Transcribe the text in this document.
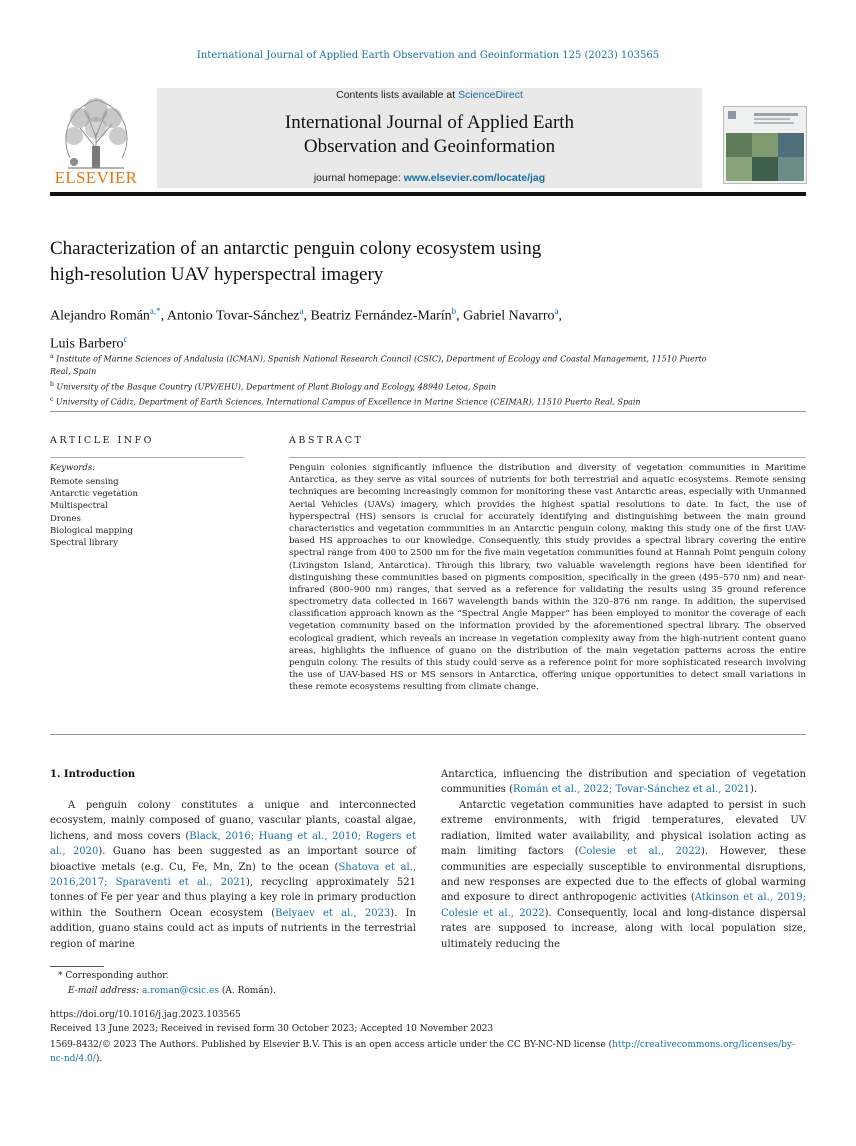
International Journal of Applied Earth Observation and Geoinformation 125 (2023) 103565
ELSEVIER
Contents lists available at ScienceDirect
International Journal of Applied Earth
Observation and Geoinformation
journal homepage: www.elsevier.com/locate/jag
Characterization of an antarctic penguin colony ecosystem using
high-resolution UAV hyperspectral imagery
Alejandro Román$^{a,*}$, Antonio Tovar-Sánchez$^a$, Beatriz Fernández-Marín$^b$, Gabriel Navarro$^a$,
Luis Barbero$^c$
$^a$ Institute of Marine Sciences of Andalusia (ICMAN), Spanish National Research Council (CSIC), Department of Ecology and Coastal Management, 11510 Puerto Real, Spain
$^b$ University of the Basque Country (UPV/EHU), Department of Plant Biology and Ecology, 48940 Leioa, Spain
$^c$ University of Cádiz, Department of Earth Sciences, International Campus of Excellence in Marine Science (CEIMAR), 11510 Puerto Real, Spain
ARTICLE INFO
Keywords:
Remote sensing
Antarctic vegetation
Multispectral
Drones
Biological mapping
Spectral library
ABSTRACT
Penguin colonies significantly influence the distribution and diversity of vegetation communities in Maritime Antarctica, as they serve as vital sources of nutrients for both terrestrial and aquatic ecosystems. Remote sensing techniques are becoming increasingly common for monitoring these vast Antarctic areas, especially with Unmanned Aerial Vehicles (UAVs) imagery, which provides the highest spatial resolutions to date. In fact, the use of hyperspectral (HS) sensors is crucial for accurately identifying and distinguishing between the main ground characteristics and vegetation communities in an Antarctic penguin colony, making this study one of the first UAV-based HS approaches to our knowledge. Consequently, this study provides a spectral library covering the entire spectral range from 400 to 2500 nm for the five main vegetation communities found at Hannah Point penguin colony (Livingston Island, Antarctica). Through this library, two valuable wavelength regions have been identified for distinguishing these communities based on pigments composition, specifically in the green (495–570 nm) and near-infrared (800–900 nm) ranges, that served as a reference for validating the results using 35 ground reference spectrometry data collected in 1667 wavelength bands within the 320–876 nm range. In addition, the supervised classification approach known as the “Spectral Angle Mapper” has been employed to monitor the coverage of each vegetation community based on the information provided by the aforementioned spectral library. The observed ecological gradient, which reveals an increase in vegetation complexity away from the high-nutrient content guano areas, highlights the influence of guano on the distribution of the main vegetation patterns across the entire penguin colony. The results of this study could serve as a reference point for more sophisticated research involving the use of UAV-based HS or MS sensors in Antarctica, offering unique opportunities to detect small variations in these remote ecosystems resulting from climate change.
1. Introduction
A penguin colony constitutes a unique and interconnected ecosystem, mainly composed of guano, vascular plants, coastal algae, lichens, and moss covers (Black, 2016; Huang et al., 2010; Rogers et al., 2020). Guano has been suggested as an important source of bioactive metals (e.g. Cu, Fe, Mn, Zn) to the ocean (Shatova et al., 2016,2017; Sparaventi et al., 2021), recycling approximately 521 tonnes of Fe per year and thus playing a key role in primary production within the Southern Ocean ecosystem (Belyaev et al., 2023). In addition, guano stains could act as inputs of nutrients in the terrestrial region of marine
Antarctica, influencing the distribution and speciation of vegetation communities (Román et al., 2022; Tovar-Sánchez et al., 2021).
Antarctic vegetation communities have adapted to persist in such extreme environments, with frigid temperatures, elevated UV radiation, limited water availability, and physical isolation acting as main limiting factors (Colesie et al., 2022). However, these communities are especially susceptible to environmental disruptions, and new responses are expected due to the effects of global warming and exposure to direct anthropogenic activities (Atkinson et al., 2019; Colesie et al., 2022). Consequently, local and long-distance dispersal rates are supposed to increase, along with local population size, ultimately reducing the
* Corresponding author.
E-mail address: a.roman@csic.es (A. Román).
https://doi.org/10.1016/j.jag.2023.103565
Received 13 June 2023; Received in revised form 30 October 2023; Accepted 10 November 2023
1569-8432/© 2023 The Authors. Published by Elsevier B.V. This is an open access article under the CC BY-NC-ND license (http://creativecommons.org/licenses/by-nc-nd/4.0/).
